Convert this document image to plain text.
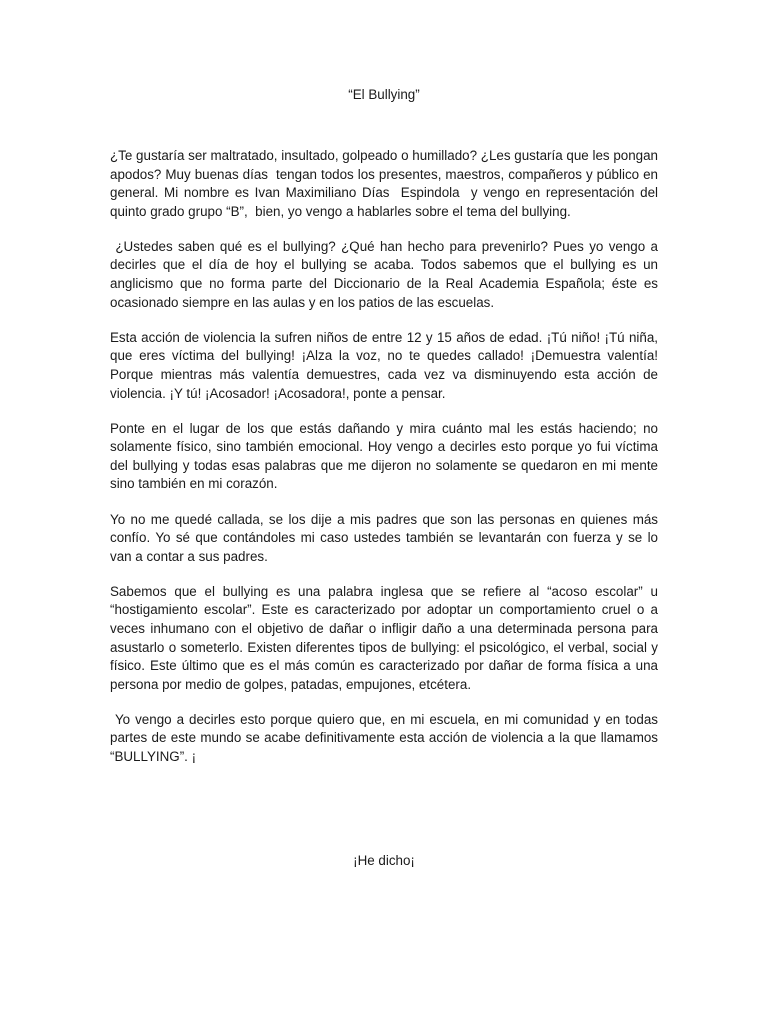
“El Bullying”

¿Te gustaría ser maltratado, insultado, golpeado o humillado? ¿Les gustaría que les pongan apodos? Muy buenas días  tengan todos los presentes, maestros, compañeros y público en general. Mi nombre es Ivan Maximiliano Días  Espindola  y vengo en representación del quinto grado grupo “B”,  bien, yo vengo a hablarles sobre el tema del bullying.

¿Ustedes saben qué es el bullying? ¿Qué han hecho para prevenirlo? Pues yo vengo a decirles que el día de hoy el bullying se acaba. Todos sabemos que el bullying es un anglicismo que no forma parte del Diccionario de la Real Academia Española; éste es ocasionado siempre en las aulas y en los patios de las escuelas.

Esta acción de violencia la sufren niños de entre 12 y 15 años de edad. ¡Tú niño! ¡Tú niña, que eres víctima del bullying! ¡Alza la voz, no te quedes callado! ¡Demuestra valentía! Porque mientras más valentía demuestres, cada vez va disminuyendo esta acción de violencia. ¡Y tú! ¡Acosador! ¡Acosadora!, ponte a pensar.

Ponte en el lugar de los que estás dañando y mira cuánto mal les estás haciendo; no solamente físico, sino también emocional. Hoy vengo a decirles esto porque yo fui víctima del bullying y todas esas palabras que me dijeron no solamente se quedaron en mi mente sino también en mi corazón.

Yo no me quedé callada, se los dije a mis padres que son las personas en quienes más confío. Yo sé que contándoles mi caso ustedes también se levantarán con fuerza y se lo van a contar a sus padres.

Sabemos que el bullying es una palabra inglesa que se refiere al “acoso escolar” u “hostigamiento escolar”. Este es caracterizado por adoptar un comportamiento cruel o a veces inhumano con el objetivo de dañar o infligir daño a una determinada persona para asustarlo o someterlo. Existen diferentes tipos de bullying: el psicológico, el verbal, social y físico. Este último que es el más común es caracterizado por dañar de forma física a una persona por medio de golpes, patadas, empujones, etcétera.

Yo vengo a decirles esto porque quiero que, en mi escuela, en mi comunidad y en todas partes de este mundo se acabe definitivamente esta acción de violencia a la que llamamos “BULLYING”. ¡

¡He dicho¡
